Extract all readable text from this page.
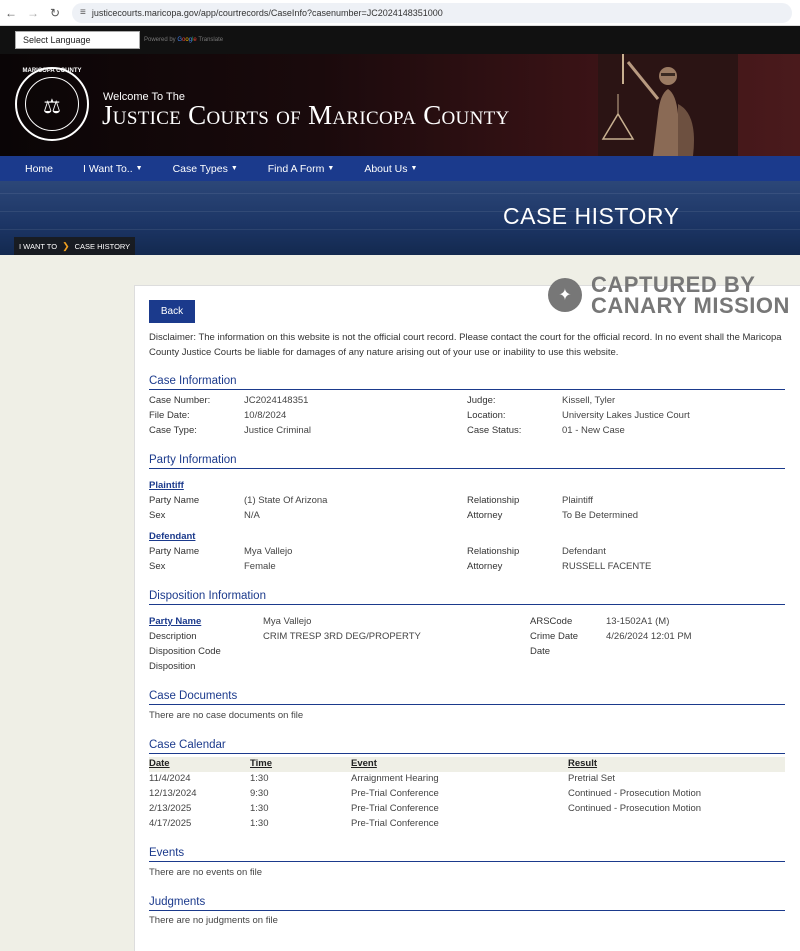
← → ↻	≡ justicecourts.maricopa.gov/app/courtrecords/CaseInfo?casenumber=JC2024148351000
Select Language	Powered by Google Translate
MARICOPA COUNTY
⚖	Welcome To The
Justice Courts of Maricopa County
Home	I Want To.. ▼	Case Types ▼	Find A Form ▼	About Us ▼
CASE HISTORY
I WANT TO ❯ CASE HISTORY
Back
✦ CAPTURED BY
CANARY MISSION
Disclaimer: The information on this website is not the official court record. Please contact the court for the official record. In no event shall the Maricopa County Justice Courts be liable for damages of any nature arising out of your use or inability to use this website.
Case Information
Case Number:	JC2024148351
File Date:	10/8/2024
Case Type:	Justice Criminal
Judge:	Kissell, Tyler
Location:	University Lakes Justice Court
Case Status:	01 - New Case
Party Information
Plaintiff
Party Name	(1) State Of Arizona
Sex	N/A
Relationship	Plaintiff
Attorney	To Be Determined
Defendant
Party Name	Mya Vallejo
Sex	Female
Relationship	Defendant
Attorney	RUSSELL FACENTE
Disposition Information
Party Name	Mya Vallejo
Description	CRIM TRESP 3RD DEG/PROPERTY
Disposition Code
Disposition
ARSCode	13-1502A1 (M)
Crime Date	4/26/2024 12:01 PM
Date
Case Documents
There are no case documents on file
Case Calendar
Date	Time	Event	Result
11/4/2024	1:30	Arraignment Hearing	Pretrial Set
12/13/2024	9:30	Pre-Trial Conference	Continued - Prosecution Motion
2/13/2025	1:30	Pre-Trial Conference	Continued - Prosecution Motion
4/17/2025	1:30	Pre-Trial Conference
Events
There are no events on file
Judgments
There are no judgments on file
